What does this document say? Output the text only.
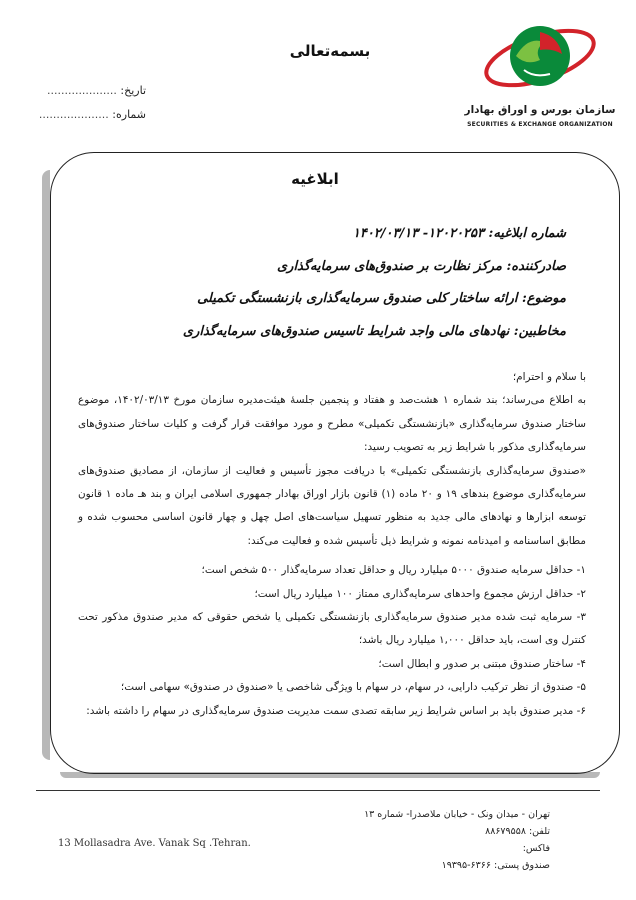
بسمه‌تعالی
سازمان بورس و اوراق بهادار
SECURITIES & EXCHANGE ORGANIZATION
تاریخ: ....................
شماره: ....................
ابلاغیه
شماره ابلاغیه: ۱۲۰۲۰۲۵۳- ۱۴۰۲/۰۳/۱۳
صادرکننده: مرکز نظارت بر صندوق‌های سرمایه‌گذاری
موضوع: ارائه ساختار کلی صندوق سرمایه‌گذاری بازنشستگی تکمیلی
مخاطبین: نهادهای مالی واجد شرایط تاسیس صندوق‌های سرمایه‌گذاری

با سلام و احترام؛

به اطلاع می‌رساند؛ بند شماره ۱ هشت‌صد و هفتاد و پنجمین جلسهٔ هیئت‌مدیره سازمان مورخ ۱۴۰۲/۰۳/۱۳، موضوع ساختار صندوق سرمایه‌گذاری «بازنشستگی تکمیلی» مطرح و مورد موافقت قرار گرفت و کلیات ساختار صندوق‌های سرمایه‌گذاری مذکور با شرایط زیر به تصویب رسید:

«صندوق سرمایه‌گذاری بازنشستگی تکمیلی» با دریافت مجوز تأسیس و فعالیت از سازمان، از مصادیق صندوق‌های سرمایه‌گذاری موضوع بندهای ۱۹ و ۲۰ ماده (۱) قانون بازار اوراق بهادار جمهوری اسلامی ایران و بند هـ ماده ۱ قانون توسعه ابزارها و نهادهای مالی جدید به منظور تسهیل سیاست‌های اصل چهل و چهار قانون اساسی محسوب شده و مطابق اساسنامه و امیدنامه نمونه و شرایط ذیل تأسیس شده و فعالیت می‌کند:

۱- حداقل سرمایه صندوق ۵۰۰۰ میلیارد ریال و حداقل تعداد سرمایه‌گذار ۵۰۰ شخص است؛

۲- حداقل ارزش مجموع واحدهای سرمایه‌گذاری ممتاز ۱۰۰ میلیارد ریال است؛

۳- سرمایه ثبت شده مدیر صندوق سرمایه‌گذاری بازنشستگی تکمیلی یا شخص حقوقی که مدیر صندوق مذکور تحت کنترل وی است، باید حداقل ۱,۰۰۰ میلیارد ریال باشد؛

۴- ساختار صندوق مبتنی بر صدور و ابطال است؛

۵- صندوق از نظر ترکیب دارایی، در سهام، در سهام با ویژگی شاخصی یا «صندوق در صندوق» سهامی است؛

۶- مدیر صندوق باید بر اساس شرایط زیر سابقه تصدی سمت مدیریت صندوق سرمایه‌گذاری در سهام را داشته باشد:

تهران - میدان ونک - خیابان ملاصدرا- شماره ۱۳
تلفن: ۸۸۶۷۹۵۵۸
فاکس:
صندوق پستی: ۶۳۶۶-۱۹۳۹۵
13 Mollasadra Ave. Vanak Sq .Tehran.
